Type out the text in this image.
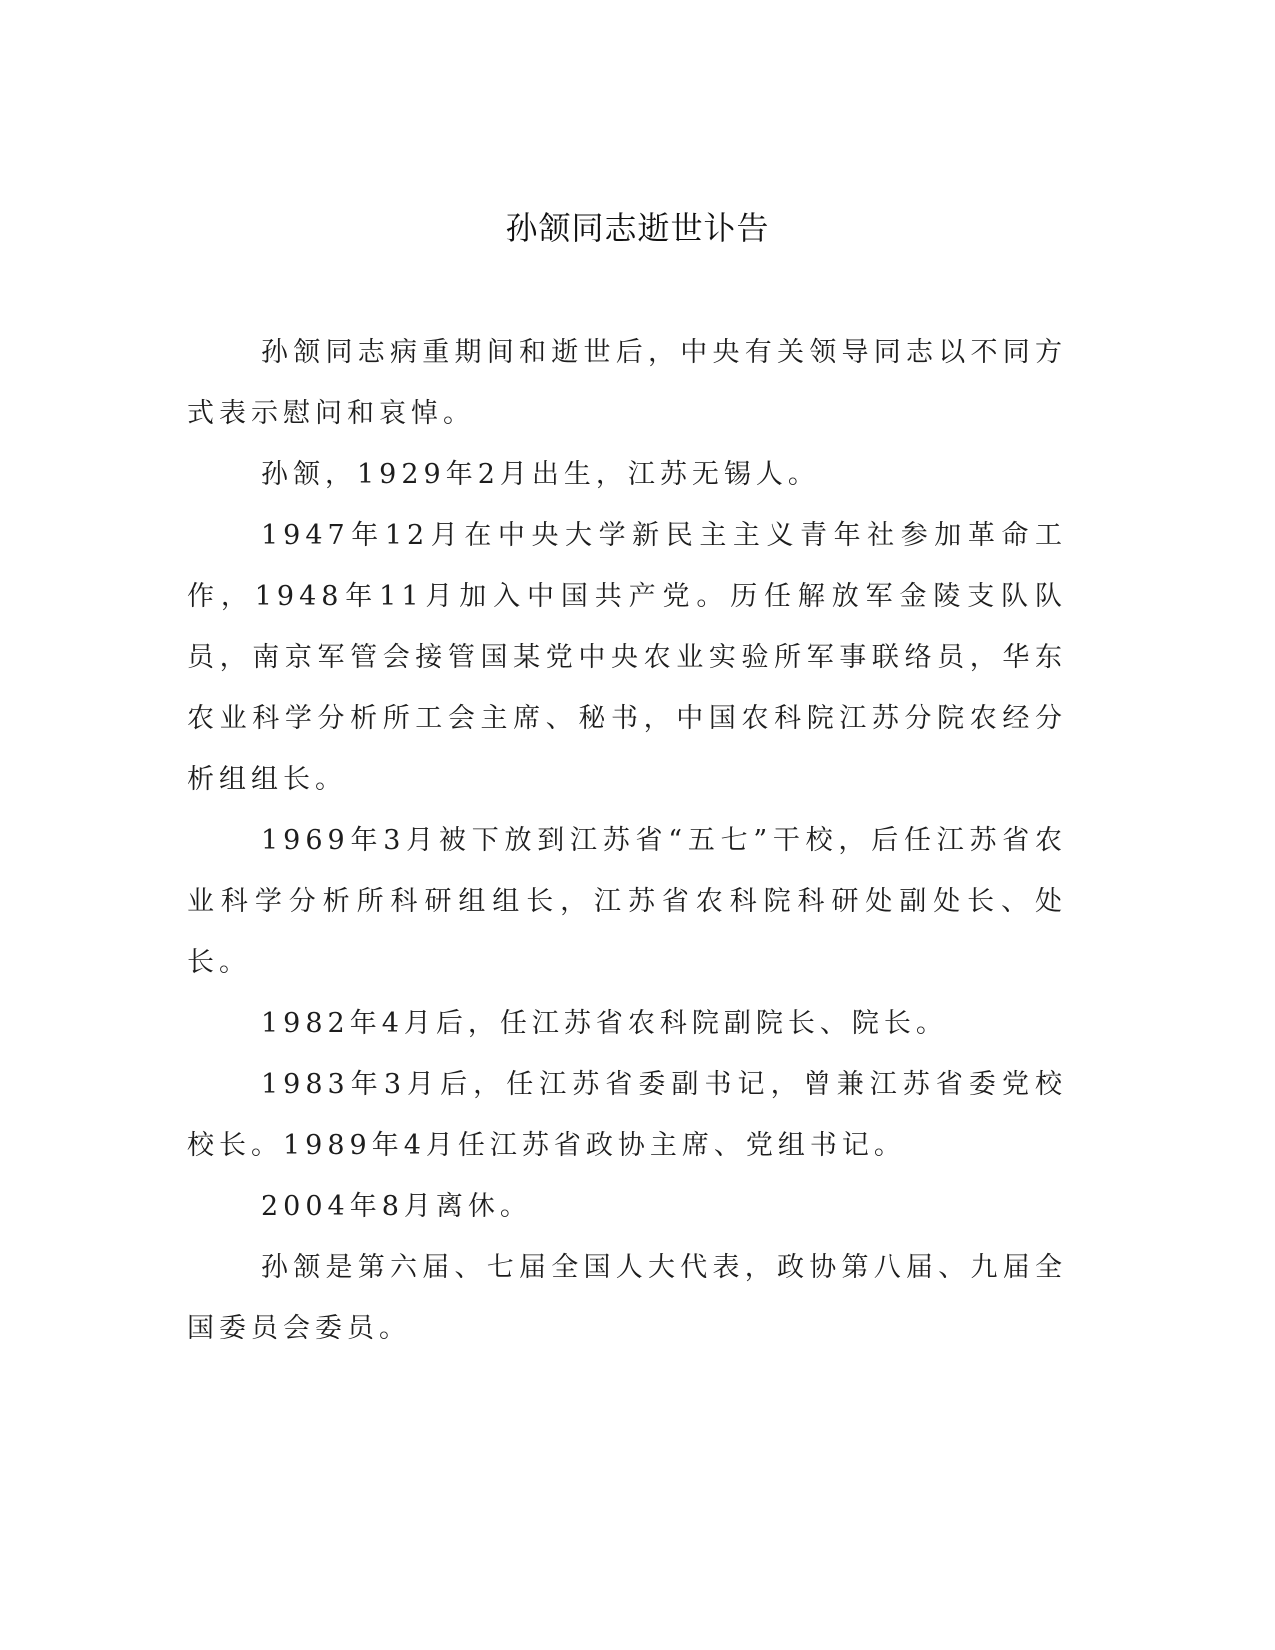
孙颔同志逝世讣告

孙颔同志病重期间和逝世后，中央有关领导同志以不同方式表示慰问和哀悼。

孙颔，1929年2月出生，江苏无锡人。

1947年12月在中央大学新民主主义青年社参加革命工作，1948年11月加入中国共产党。历任解放军金陵支队队员，南京军管会接管国某党中央农业实验所军事联络员，华东农业科学分析所工会主席、秘书，中国农科院江苏分院农经分析组组长。

1969年3月被下放到江苏省“五七”干校，后任江苏省农业科学分析所科研组组长，江苏省农科院科研处副处长、处长。

1982年4月后，任江苏省农科院副院长、院长。

1983年3月后，任江苏省委副书记，曾兼江苏省委党校校长。1989年4月任江苏省政协主席、党组书记。

2004年8月离休。

孙颔是第六届、七届全国人大代表，政协第八届、九届全国委员会委员。
